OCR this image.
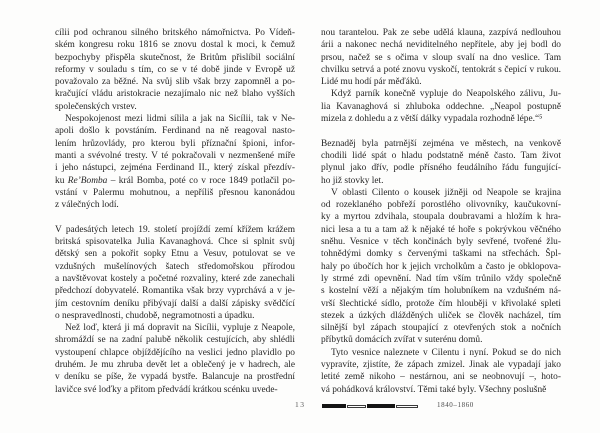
cílii pod ochranou silného britského námořnictva. Po Vídeň-
ském kongresu roku 1816 se znovu dostal k moci, k čemuž
bezpochyby přispěla skutečnost, že Britům přislíbil sociální
reformy v souladu s tím, co se v té době jinde v Evropě už
považovalo za běžné. Na svůj slib však brzy zapomněl a po-
kračující vládu aristokracie nezajímalo nic než blaho vyšších
společenských vrstev.
Nespokojenost mezi lidmi sílila a jak na Sicílii, tak v Ne-
apoli došlo k povstáním. Ferdinand na ně reagoval nasto-
lením hrůzovlády, pro kterou byli příznační špioni, infor-
manti a svévolné tresty. V té pokračovali v nezmenšené míře
i jeho nástupci, zejména Ferdinand II., který získal přezdív-
ku Re’Bomba – král Bomba, poté co v roce 1849 potlačil po-
vstání v Palermu mohutnou, a nepříliš přesnou kanonádou
z válečných lodí.
V padesátých letech 19. století projíždí zemí křížem krážem
britská spisovatelka Julia Kavanaghová. Chce si splnit svůj
dětský sen a pokořit sopky Etnu a Vesuv, potulovat se ve
vzdušných mušelínových šatech středomořskou přírodou
a navštěvovat kostely a početné rozvaliny, které zde zanechali
předchozí dobyvatelé. Romantika však brzy vyprchává a v je-
jím cestovním deníku přibývají další a další zápisky svědčící
o nespravedlnosti, chudobě, negramotnosti a úpadku.
Než loď, která ji má dopravit na Sicílii, vypluje z Neapole,
shromáždí se na zadní palubě několik cestujících, aby shlédli
vystoupení chlapce objíždějícího na veslici jedno plavidlo po
druhém. Je mu zhruba devět let a oblečený je v hadrech, ale
v deníku se píše, že vypadá bystře. Balancuje na prostřední
lavičce své loďky a přitom předvádí krátkou scénku uvede-
nou tarantelou. Pak ze sebe udělá klauna, zazpívá nedlouhou
árii a nakonec nechá neviditelného nepřítele, aby jej bodl do
prsou, načež se s očima v sloup svalí na dno veslice. Tam
chvilku setrvá a poté znovu vyskočí, tentokrát s čepicí v rukou.
Lidé mu hodí pár měďáků.
Když parník konečně vypluje do Neapolského zálivu, Ju-
lia Kavanaghová si zhluboka oddechne. „Neapol postupně
mizela z dohledu a z větší dálky vypadala rozhodně lépe.“⁵
Beznaděj byla patrnější zejména ve městech, na venkově
chodili lidé spát o hladu podstatně méně často. Tam život
plynul jako dřív, podle přísného feudálního řádu fungující-
ho již stovky let.
V oblasti Cilento o kousek jižněji od Neapole se krajina
od rozeklaného pobřeží porostlého olivovníky, kaučukovní-
ky a myrtou zdvihala, stoupala doubravami a hložím k hra-
nici lesa a tu a tam až k nějaké té hoře s pokrývkou věčného
sněhu. Vesnice v těch končinách byly sevřené, tvořené žlu-
tohnědými domky s červenými taškami na střechách. Špl-
haly po úbočích hor k jejich vrcholkům a často je obklopova-
ly strmé zdi opevnění. Nad tím vším trůnilo vždy společně
s kostelní věží a nějakým tím holubníkem na vzdušném ná-
vrší šlechtické sídlo, protože čím hlouběji v křivolaké spleti
stezek a úzkých dlážděných uliček se člověk nacházel, tím
silnější byl zápach stoupající z otevřených stok a nočních
příbytků domácích zvířat v suterénu domů.
Tyto vesnice naleznete v Cilentu i nyní. Pokud se do nich
vypravíte, zjistíte, že zápach zmizel. Jinak ale vypadají jako
letité země nikoho – nestárnou, ani se neobnovují –, hoto-
vá pohádková království. Těmi také byly. Všechny poslušně
13	1840–1860
